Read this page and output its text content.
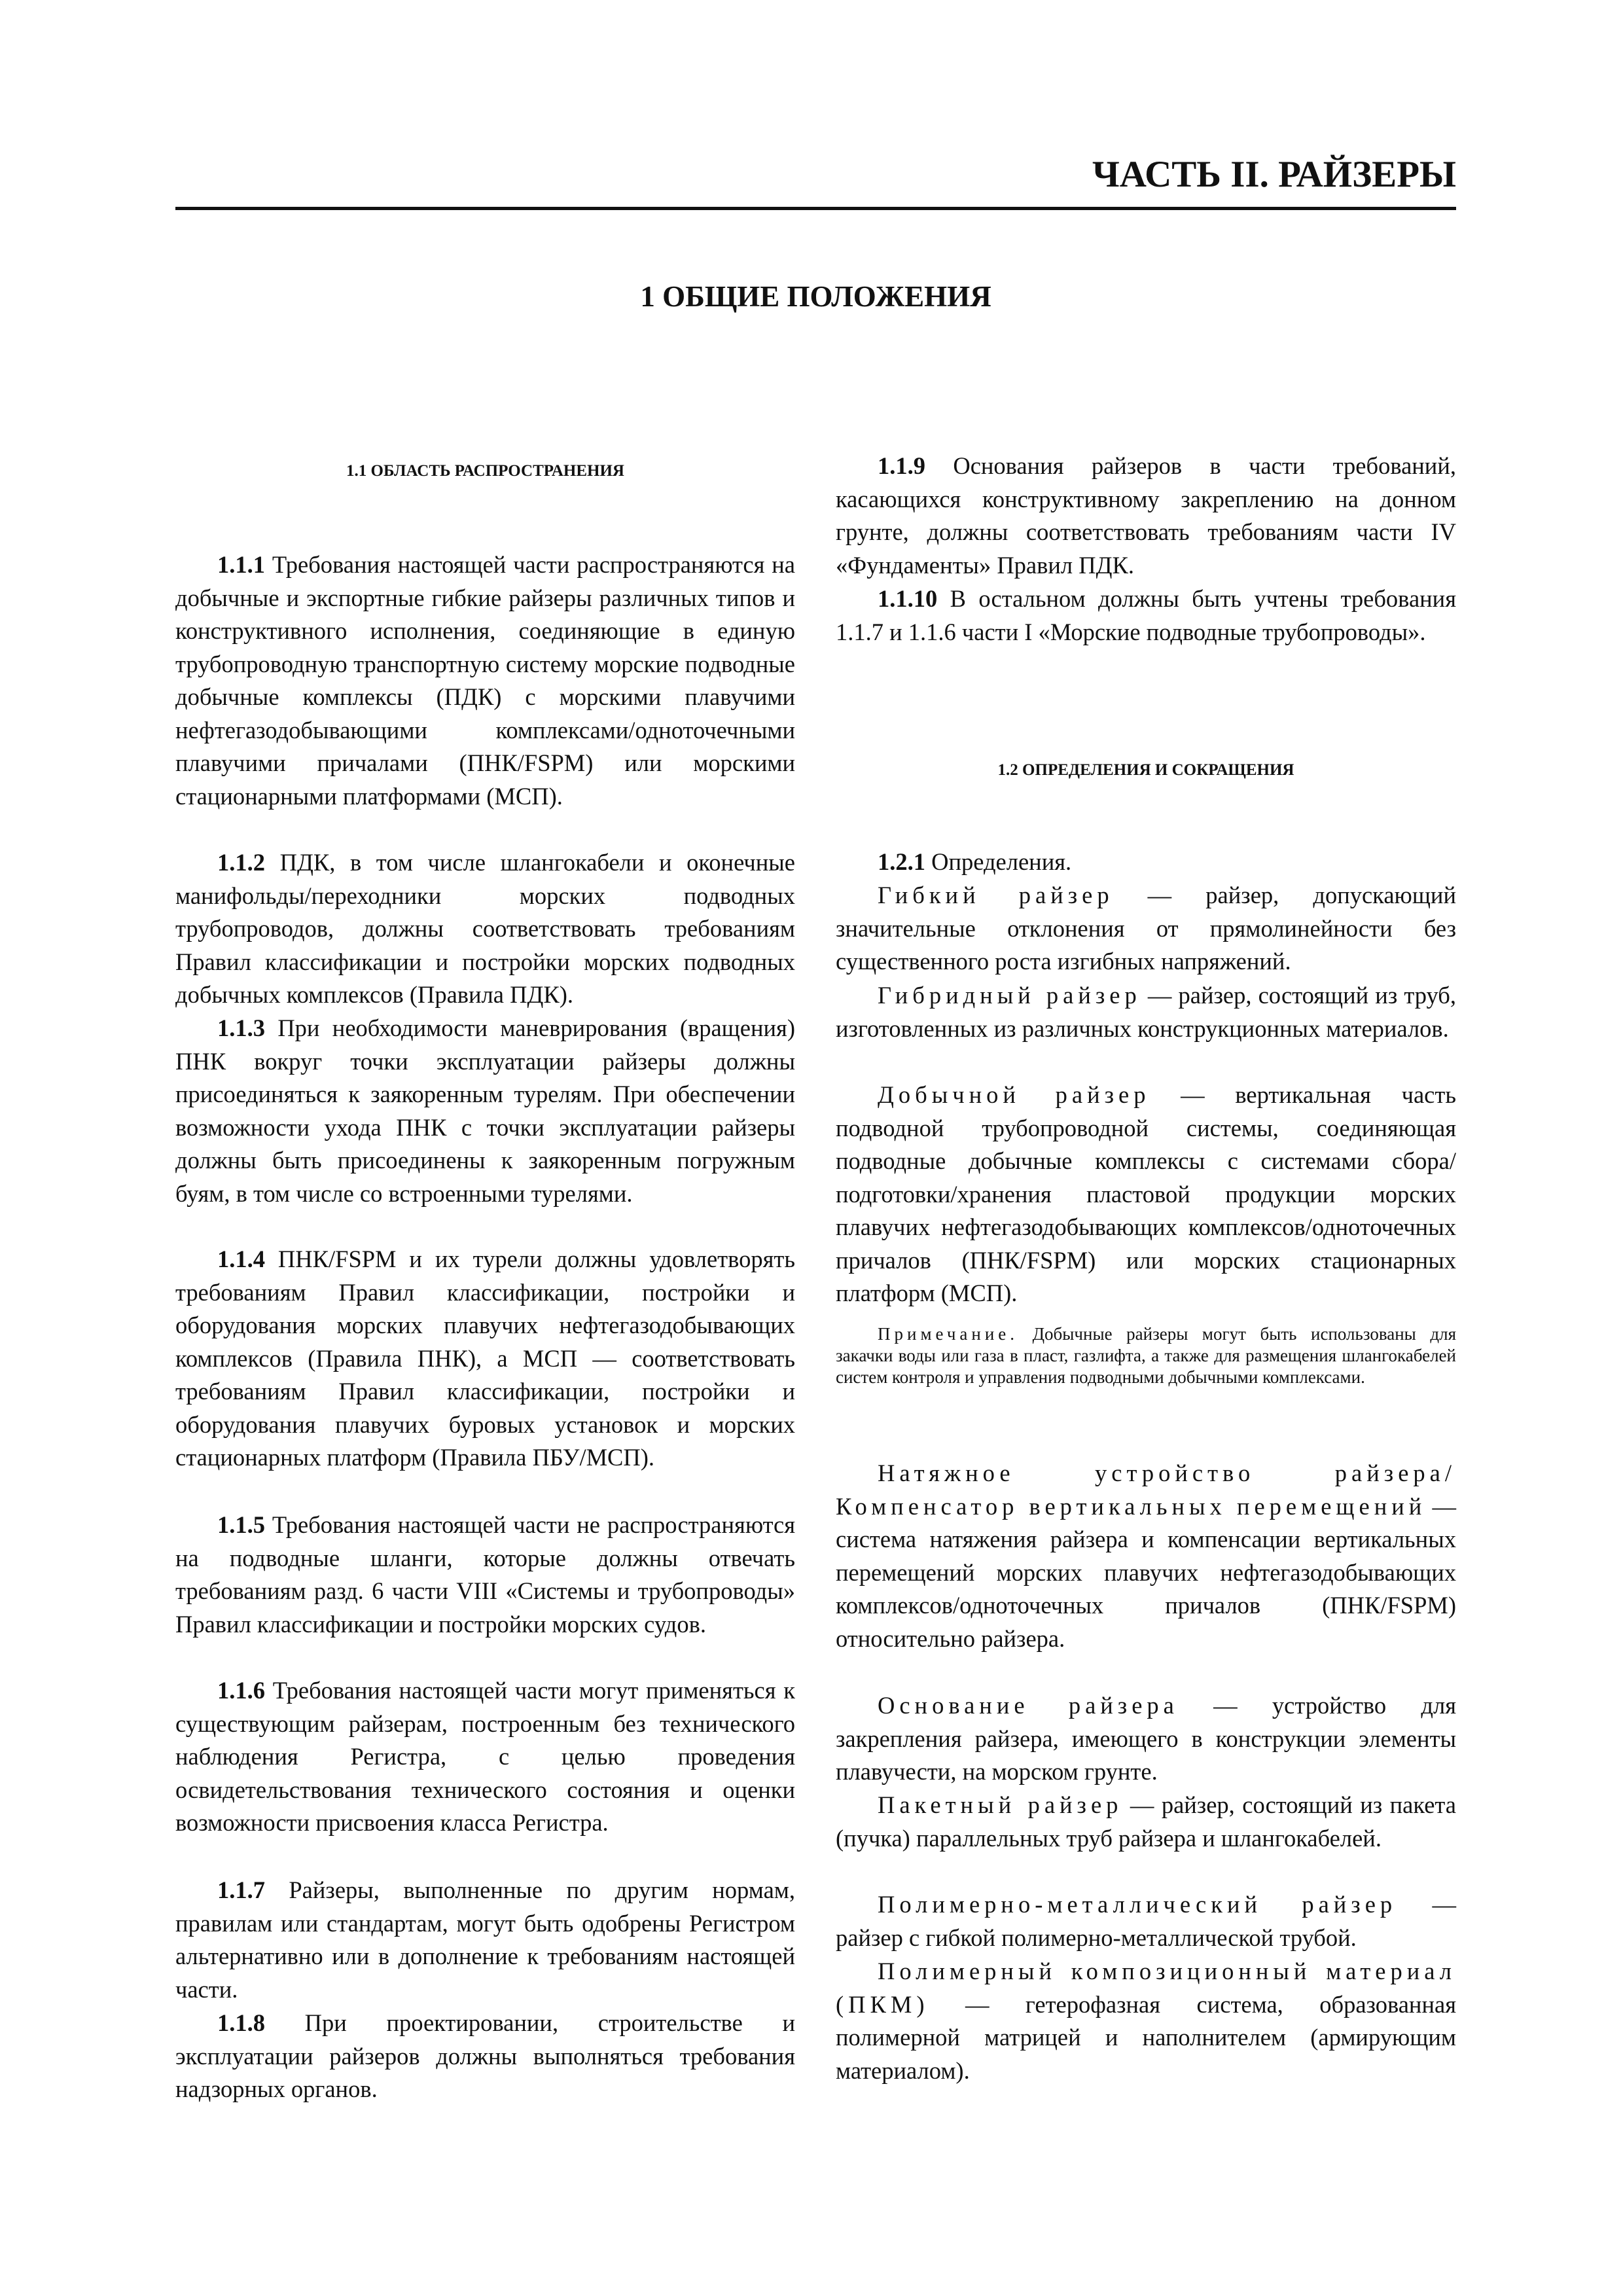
ЧАСТЬ II. РАЙЗЕРЫ
1 ОБЩИЕ ПОЛОЖЕНИЯ

1.1 ОБЛАСТЬ РАСПРОСТРАНЕНИЯ

1.1.1 Требования настоящей части распространяются на добычные и экспортные гибкие райзеры различных типов и конструктивного исполнения, соединяющие в единую трубопроводную транспортную систему морские подводные добычные комплексы (ПДК) с морскими плавучими нефтегазодобывающими комплексами/одноточечными плавучими причалами (ПНК/FSPM) или морскими стационарными платформами (МСП).

1.1.2 ПДК, в том числе шлангокабели и оконечные манифольды/переходники морских подводных трубопроводов, должны соответствовать требованиям Правил классификации и постройки морских подводных добычных комплексов (Правила ПДК).

1.1.3 При необходимости маневрирования (вращения) ПНК вокруг точки эксплуатации райзеры должны присоединяться к заякоренным турелям. При обеспечении возможности ухода ПНК с точки эксплуатации райзеры должны быть присоединены к заякоренным погружным буям, в том числе со встроенными турелями.

1.1.4 ПНК/FSPM и их турели должны удовлетворять требованиям Правил классификации, постройки и оборудования морских плавучих нефтегазодобывающих комплексов (Правила ПНК), а МСП — соответствовать требованиям Правил классификации, постройки и оборудования плавучих буровых установок и морских стационарных платформ (Правила ПБУ/МСП).

1.1.5 Требования настоящей части не распространяются на подводные шланги, которые должны отвечать требованиям разд. 6 части VIII «Системы и трубопроводы» Правил классификации и постройки морских судов.

1.1.6 Требования настоящей части могут применяться к существующим райзерам, построенным без технического наблюдения Регистра, с целью проведения освидетельствования технического состояния и оценки возможности присвоения класса Регистра.

1.1.7 Райзеры, выполненные по другим нормам, правилам или стандартам, могут быть одобрены Регистром альтернативно или в дополнение к требованиям настоящей части.

1.1.8 При проектировании, строительстве и эксплуатации райзеров должны выполняться требования надзорных органов.

1.1.9 Основания райзеров в части требований, касающихся конструктивному закреплению на донном грунте, должны соответствовать требованиям части IV «Фундаменты» Правил ПДК.

1.1.10 В остальном должны быть учтены требования 1.1.7 и 1.1.6 части I «Морские подводные трубопроводы».

1.2 ОПРЕДЕЛЕНИЯ И СОКРАЩЕНИЯ

1.2.1 Определения.

Гибкий райзер — райзер, допускающий значительные отклонения от прямолинейности без существенного роста изгибных напряжений.

Гибридный райзер — райзер, состоящий из труб, изготовленных из различных конструкционных материалов.

Добычной райзер — вертикальная часть подводной трубопроводной системы, соединяющая подводные добычные комплексы с системами сбора/подготовки/хранения пластовой продукции морских плавучих нефтегазодобывающих комплексов/одноточечных причалов (ПНК/FSPM) или морских стационарных платформ (МСП).

Примечание. Добычные райзеры могут быть использованы для закачки воды или газа в пласт, газлифта, а также для размещения шлангокабелей систем контроля и управления подводными добычными комплексами.

Натяжное устройство райзера/Компенсатор вертикальных перемещений — система натяжения райзера и компенсации вертикальных перемещений морских плавучих нефтегазодобывающих комплексов/одноточечных причалов (ПНК/FSPM) относительно райзера.

Основание райзера — устройство для закрепления райзера, имеющего в конструкции элементы плавучести, на морском грунте.

Пакетный райзер — райзер, состоящий из пакета (пучка) параллельных труб райзера и шлангокабелей.

Полимерно-металлический райзер — райзер с гибкой полимерно-металлической трубой.

Полимерный композиционный материал (ПКМ) — гетерофазная система, образованная полимерной матрицей и наполнителем (армирующим материалом).
